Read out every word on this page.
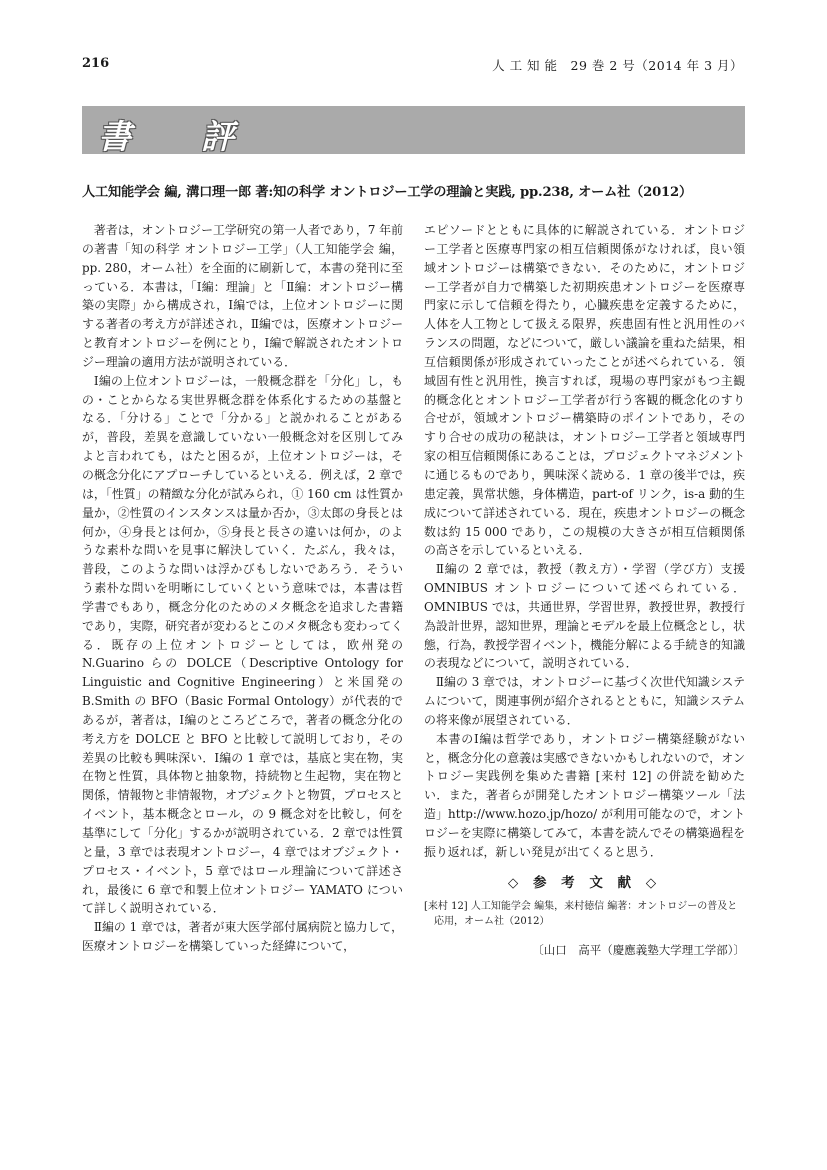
216	人 工 知 能　29 巻 2 号（2014 年 3 月）
書評
人工知能学会 編, 溝口理一郎 著:知の科学 オントロジー工学の理論と実践, pp.238, オーム社（2012）

著者は，オントロジー工学研究の第一人者であり，7 年前の著書「知の科学 オントロジー工学」（人工知能学会 編，pp. 280，オーム社）を全面的に刷新して，本書の発刊に至っている．本書は，「Ⅰ編：理論」と「Ⅱ編：オントロジー構築の実際」から構成され，Ⅰ編では，上位オントロジーに関する著者の考え方が詳述され，Ⅱ編では，医療オントロジーと教育オントロジーを例にとり，Ⅰ編で解説されたオントロジー理論の適用方法が説明されている．

Ⅰ編の上位オントロジーは，一般概念群を「分化」し，もの・ことからなる実世界概念群を体系化するための基盤となる．「分ける」ことで「分かる」と説かれることがあるが，普段，差異を意識していない一般概念対を区別してみよと言われても，はたと困るが，上位オントロジーは，その概念分化にアプローチしているといえる．例えば，2 章では，「性質」の精緻な分化が試みられ，① 160 cm は性質か量か，②性質のインスタンスは量か否か，③太郎の身長とは何か，④身長とは何か，⑤身長と長さの違いは何か，のような素朴な問いを見事に解決していく．たぶん，我々は，普段，このような問いは浮かびもしないであろう．そういう素朴な問いを明晰にしていくという意味では，本書は哲学書でもあり，概念分化のためのメタ概念を追求した書籍であり，実際，研究者が変わるとこのメタ概念も変わってくる．既存の上位オントロジーとしては，欧州発の N.Guarino らの DOLCE（Descriptive Ontology for Linguistic and Cognitive Engineering）と米国発の B.Smith の BFO（Basic Formal Ontology）が代表的であるが，著者は，Ⅰ編のところどころで，著者の概念分化の考え方を DOLCE と BFO と比較して説明しており，その差異の比較も興味深い．Ⅰ編の 1 章では，基底と実在物，実在物と性質，具体物と抽象物，持続物と生起物，実在物と関係，情報物と非情報物，オブジェクトと物質，プロセスとイベント，基本概念とロール，の 9 概念対を比較し，何を基準にして「分化」するかが説明されている．2 章では性質と量，3 章では表現オントロジー，4 章ではオブジェクト・プロセス・イベント，5 章ではロール理論について詳述され，最後に 6 章で和製上位オントロジー YAMATO について詳しく説明されている．

Ⅱ編の 1 章では，著者が東大医学部付属病院と協力して，医療オントロジーを構築していった経緯について，

エピソードとともに具体的に解説されている．オントロジー工学者と医療専門家の相互信頼関係がなければ，良い領域オントロジーは構築できない．そのために，オントロジー工学者が自力で構築した初期疾患オントロジーを医療専門家に示して信頼を得たり，心臓疾患を定義するために，人体を人工物として扱える限界，疾患固有性と汎用性のバランスの問題，などについて，厳しい議論を重ねた結果，相互信頼関係が形成されていったことが述べられている．領域固有性と汎用性，換言すれば，現場の専門家がもつ主観的概念化とオントロジー工学者が行う客観的概念化のすり合せが，領域オントロジー構築時のポイントであり，そのすり合せの成功の秘訣は，オントロジー工学者と領域専門家の相互信頼関係にあることは，プロジェクトマネジメントに通じるものであり，興味深く読める．1 章の後半では，疾患定義，異常状態，身体構造，part-of リンク，is-a 動的生成について詳述されている．現在，疾患オントロジーの概念数は約 15 000 であり，この規模の大きさが相互信頼関係の高さを示しているといえる．

Ⅱ編の 2 章では，教授（教え方）・学習（学び方）支援 OMNIBUS オントロジーについて述べられている．OMNIBUS では，共通世界，学習世界，教授世界，教授行為設計世界，認知世界，理論とモデルを最上位概念とし，状態，行為，教授学習イベント，機能分解による手続き的知識の表現などについて，説明されている．

Ⅱ編の 3 章では，オントロジーに基づく次世代知識システムについて，関連事例が紹介されるとともに，知識システムの将来像が展望されている．

本書のⅠ編は哲学であり，オントロジー構築経験がないと，概念分化の意義は実感できないかもしれないので，オントロジー実践例を集めた書籍 [来村 12] の併読を勧めたい．また，著者らが開発したオントロジー構築ツール「法造」http://www.hozo.jp/hozo/ が利用可能なので，オントロジーを実際に構築してみて，本書を読んでその構築過程を振り返れば，新しい発見が出てくると思う．

◇ 参 考 文 献 ◇
[来村 12] 人工知能学会 編集，来村徳信 編著：オントロジーの普及と応用，オーム社（2012）
〔山口　高平（慶應義塾大学理工学部）〕
